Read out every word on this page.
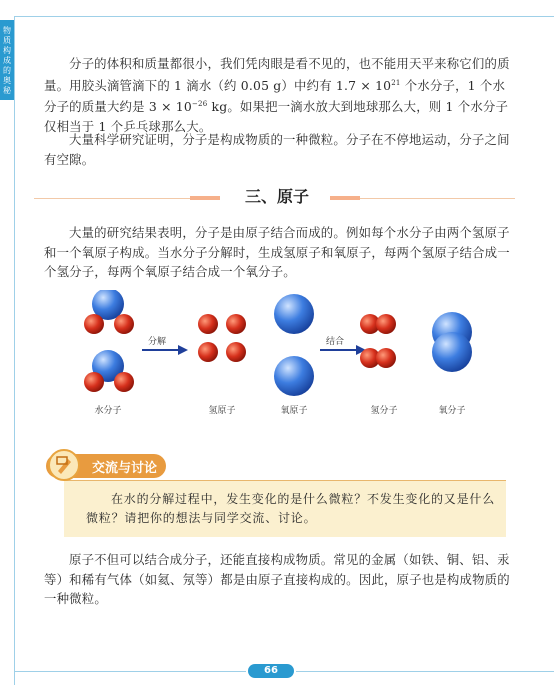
物质构成的奥秘

分子的体积和质量都很小，我们凭肉眼是看不见的，也不能用天平来称它们的质量。用胶头滴管滴下的 1 滴水（约 0.05 g）中约有 $1.7 \times 10^{21}$ 个水分子，1 个水分子的质量大约是 $3 \times 10^{-26}$ kg。如果把一滴水放大到地球那么大，则 1 个水分子仅相当于 1 个乒乓球那么大。

大量科学研究证明，分子是构成物质的一种微粒。分子在不停地运动，分子之间有空隙。

三、原子

大量的研究结果表明，分子是由原子结合而成的。例如每个水分子由两个氢原子和一个氧原子构成。当水分子分解时，生成氢原子和氧原子，每两个氢原子结合成一个氢分子，每两个氧原子结合成一个氧分子。

分解	结合
水分子	氢原子	氧原子	氢分子	氧分子
交流与讨论

在水的分解过程中，发生变化的是什么微粒？不发生变化的又是什么微粒？请把你的想法与同学交流、讨论。

原子不但可以结合成分子，还能直接构成物质。常见的金属（如铁、铜、铝、汞等）和稀有气体（如氦、氖等）都是由原子直接构成的。因此，原子也是构成物质的一种微粒。

66
